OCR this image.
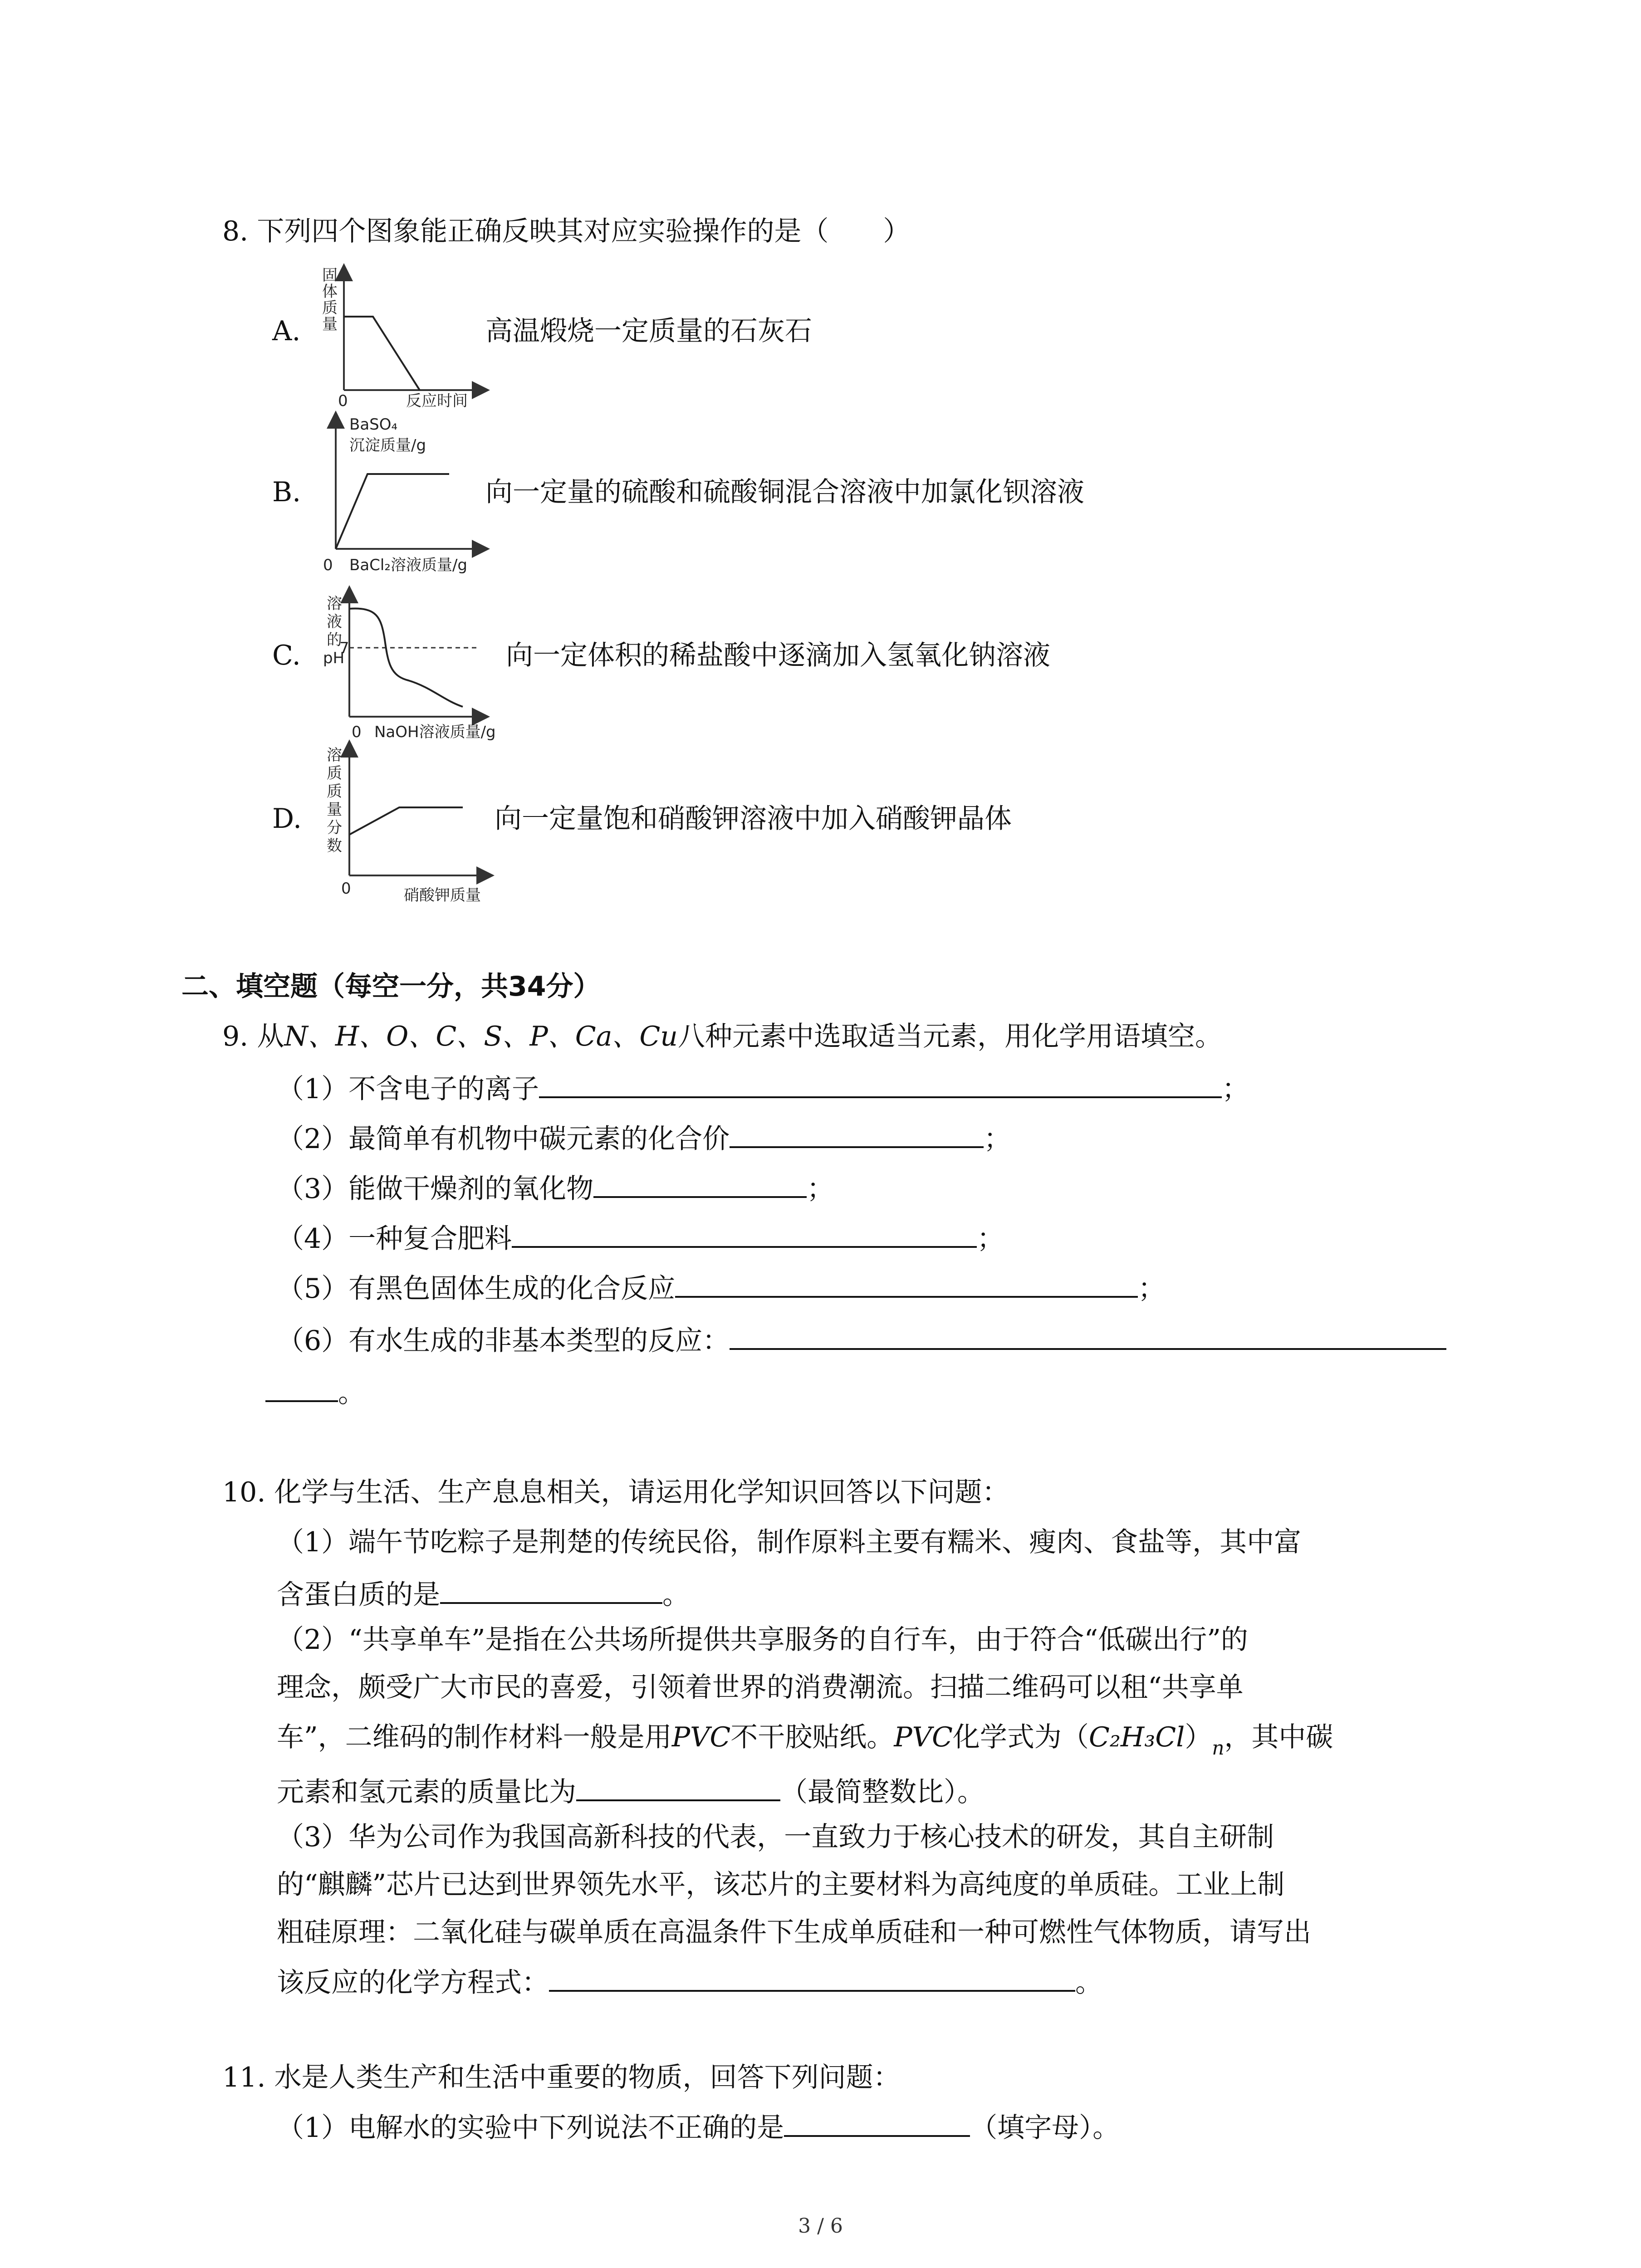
8. 下列四个图象能正确反映其对应实验操作的是（　　）
A.
固
体
质
量
0	反应时间
高温煅烧一定质量的石灰石
B.
BaSO₄
沉淀质量/g
0 BaCl₂溶液质量/g
向一定量的硫酸和硫酸铜混合溶液中加氯化钡溶液
C.
溶
液
的
pH
7
0 NaOH溶液质量/g
向一定体积的稀盐酸中逐滴加入氢氧化钠溶液
D.
溶
质
质
量
分
数
0	硝酸钾质量
向一定量饱和硝酸钾溶液中加入硝酸钾晶体
二、填空题（每空一分，共34分）
9. 从N、H、O、C、S、P、Ca、Cu八种元素中选取适当元素，用化学用语填空。
（1）不含电子的离子	；
（2）最简单有机物中碳元素的化合价	；
（3）能做干燥剂的氧化物	；
（4）一种复合肥料	；
（5）有黑色固体生成的化合反应	；
（6）有水生成的非基本类型的反应：
。
10. 化学与生活、生产息息相关，请运用化学知识回答以下问题：
（1）端午节吃粽子是荆楚的传统民俗，制作原料主要有糯米、瘦肉、食盐等，其中富
含蛋白质的是	。
（2）“共享单车”是指在公共场所提供共享服务的自行车，由于符合“低碳出行”的
理念，颇受广大市民的喜爱，引领着世界的消费潮流。扫描二维码可以租“共享单
车”，二维码的制作材料一般是用PVC不干胶贴纸。PVC化学式为$(C_2H_3Cl)_n$，其中碳
元素和氢元素的质量比为	（最简整数比）。
（3）华为公司作为我国高新科技的代表，一直致力于核心技术的研发，其自主研制
的“麒麟”芯片已达到世界领先水平，该芯片的主要材料为高纯度的单质硅。工业上制
粗硅原理：二氧化硅与碳单质在高温条件下生成单质硅和一种可燃性气体物质，请写出
该反应的化学方程式：	。
11. 水是人类生产和生活中重要的物质，回答下列问题：
（1）电解水的实验中下列说法不正确的是	（填字母）。
3 / 6
